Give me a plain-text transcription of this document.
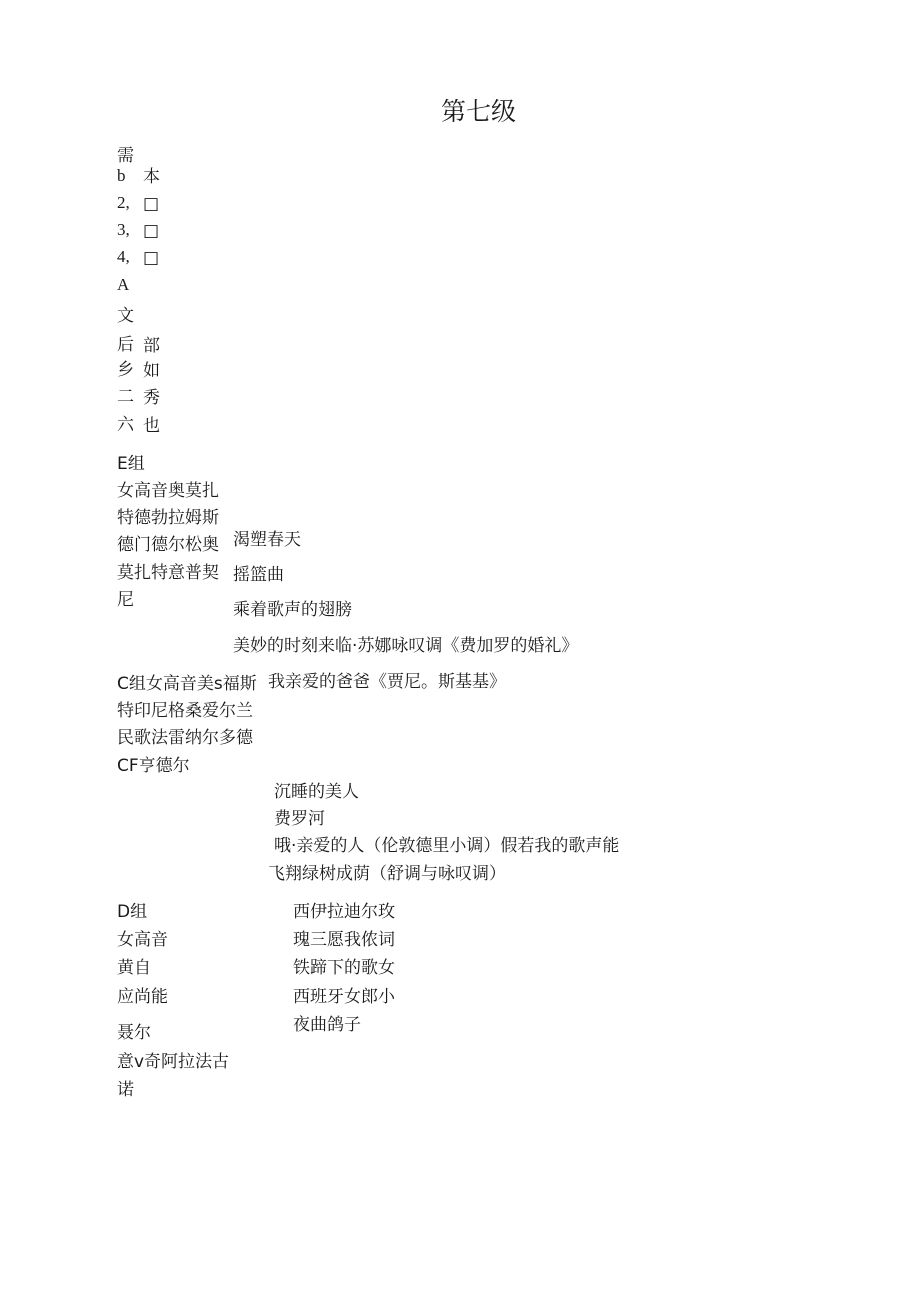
第七级
需
b
2,
3,
4,
A
文
后
乡
二
六
本
□
□
□
部
如
秀
也
E组
女高音奥莫扎
特德勃拉姆斯
德门德尔松奥
莫扎特意普契
尼
渴塑春天
摇篮曲
乘着歌声的翅膀
美妙的时刻来临·苏娜咏叹调《费加罗的婚礼》
C组女高音美s福斯
特印尼格桑爱尔兰
民歌法雷纳尔多德
CF亨德尔
我亲爱的爸爸《贾尼。斯基基》
沉睡的美人
费罗河
哦·亲爱的人（伦敦德里小调）假若我的歌声能
飞翔绿树成荫（舒调与咏叹调）
D组
女高音
黄自
应尚能
聂尔
意v奇阿拉法古
诺
西伊拉迪尔玫
瑰三愿我侬词
铁蹄下的歌女
西班牙女郎小
夜曲鸽子
